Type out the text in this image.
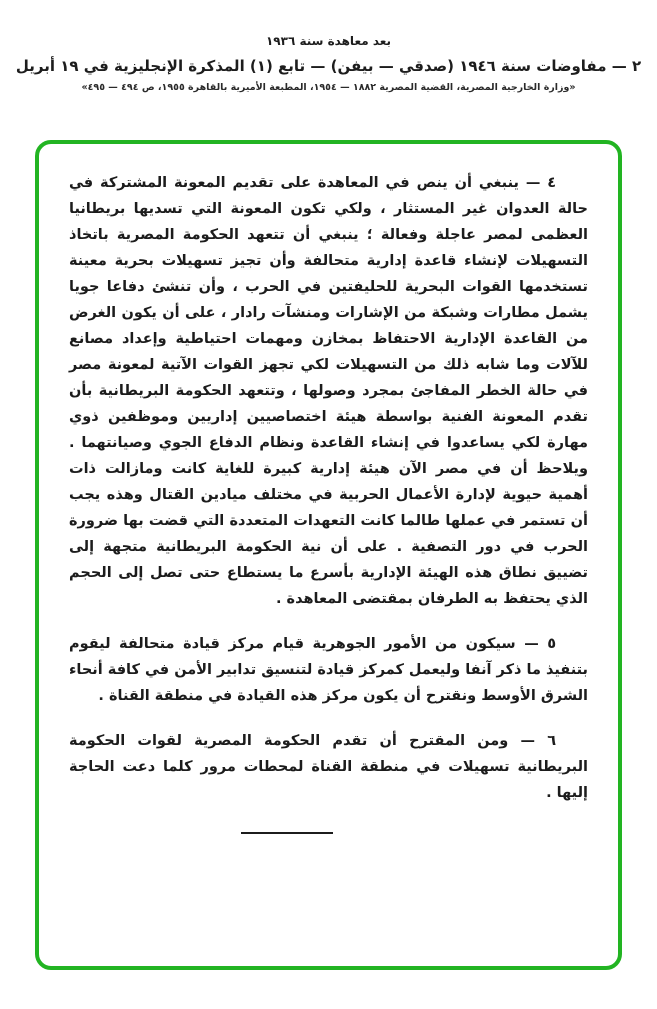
بعد معاهدة سنة ١٩٣٦
٢ — مفاوضات سنة ١٩٤٦ (صدقي — بيفن) — تابع (١) المذكرة الإنجليزية في ١٩ أبريل
«وزارة الخارجية المصرية، القضية المصرية ١٨٨٢ — ١٩٥٤، المطبعة الأميرية بالقاهرة ١٩٥٥، ص ٤٩٤ — ٤٩٥»

٤ — ينبغي أن ينص في المعاهدة على تقديم المعونة المشتركة في حالة العدوان غير المستثار ، ولكي تكون المعونة التي تسديها بريطانيا العظمى لمصر عاجلة وفعالة ؛ ينبغي أن تتعهد الحكومة المصرية باتخاذ التسهيلات لإنشاء قاعدة إدارية متحالفة وأن تجيز تسهيلات بحرية معينة تستخدمها القوات البحرية للحليفتين في الحرب ، وأن تنشئ دفاعا جويا يشمل مطارات وشبكة من الإشارات ومنشآت رادار ، على أن يكون الغرض من القاعدة الإدارية الاحتفاظ بمخازن ومهمات احتياطية وإعداد مصانع للآلات وما شابه ذلك من التسهيلات لكي تجهز القوات الآتية لمعونة مصر في حالة الخطر المفاجئ بمجرد وصولها ، وتتعهد الحكومة البريطانية بأن تقدم المعونة الفنية بواسطة هيئة اختصاصيين إداريين وموظفين ذوي مهارة لكي يساعدوا في إنشاء القاعدة ونظام الدفاع الجوي وصيانتهما . ويلاحظ أن في مصر الآن هيئة إدارية كبيرة للغاية كانت ومازالت ذات أهمية حيوية لإدارة الأعمال الحربية في مختلف ميادين القتال وهذه يجب أن تستمر في عملها طالما كانت التعهدات المتعددة التي قضت بها ضرورة الحرب في دور التصفية . على أن نية الحكومة البريطانية متجهة إلى تضييق نطاق هذه الهيئة الإدارية بأسرع ما يستطاع حتى تصل إلى الحجم الذي يحتفظ به الطرفان بمقتضى المعاهدة .

٥ — سيكون من الأمور الجوهرية قيام مركز قيادة متحالفة ليقوم بتنفيذ ما ذكر آنفا وليعمل كمركز قيادة لتنسيق تدابير الأمن في كافة أنحاء الشرق الأوسط ونقترح أن يكون مركز هذه القيادة في منطقة القناة .

٦ — ومن المقترح أن تقدم الحكومة المصرية لقوات الحكومة البريطانية تسهيلات في منطقة القناة لمحطات مرور كلما دعت الحاجة إليها .
